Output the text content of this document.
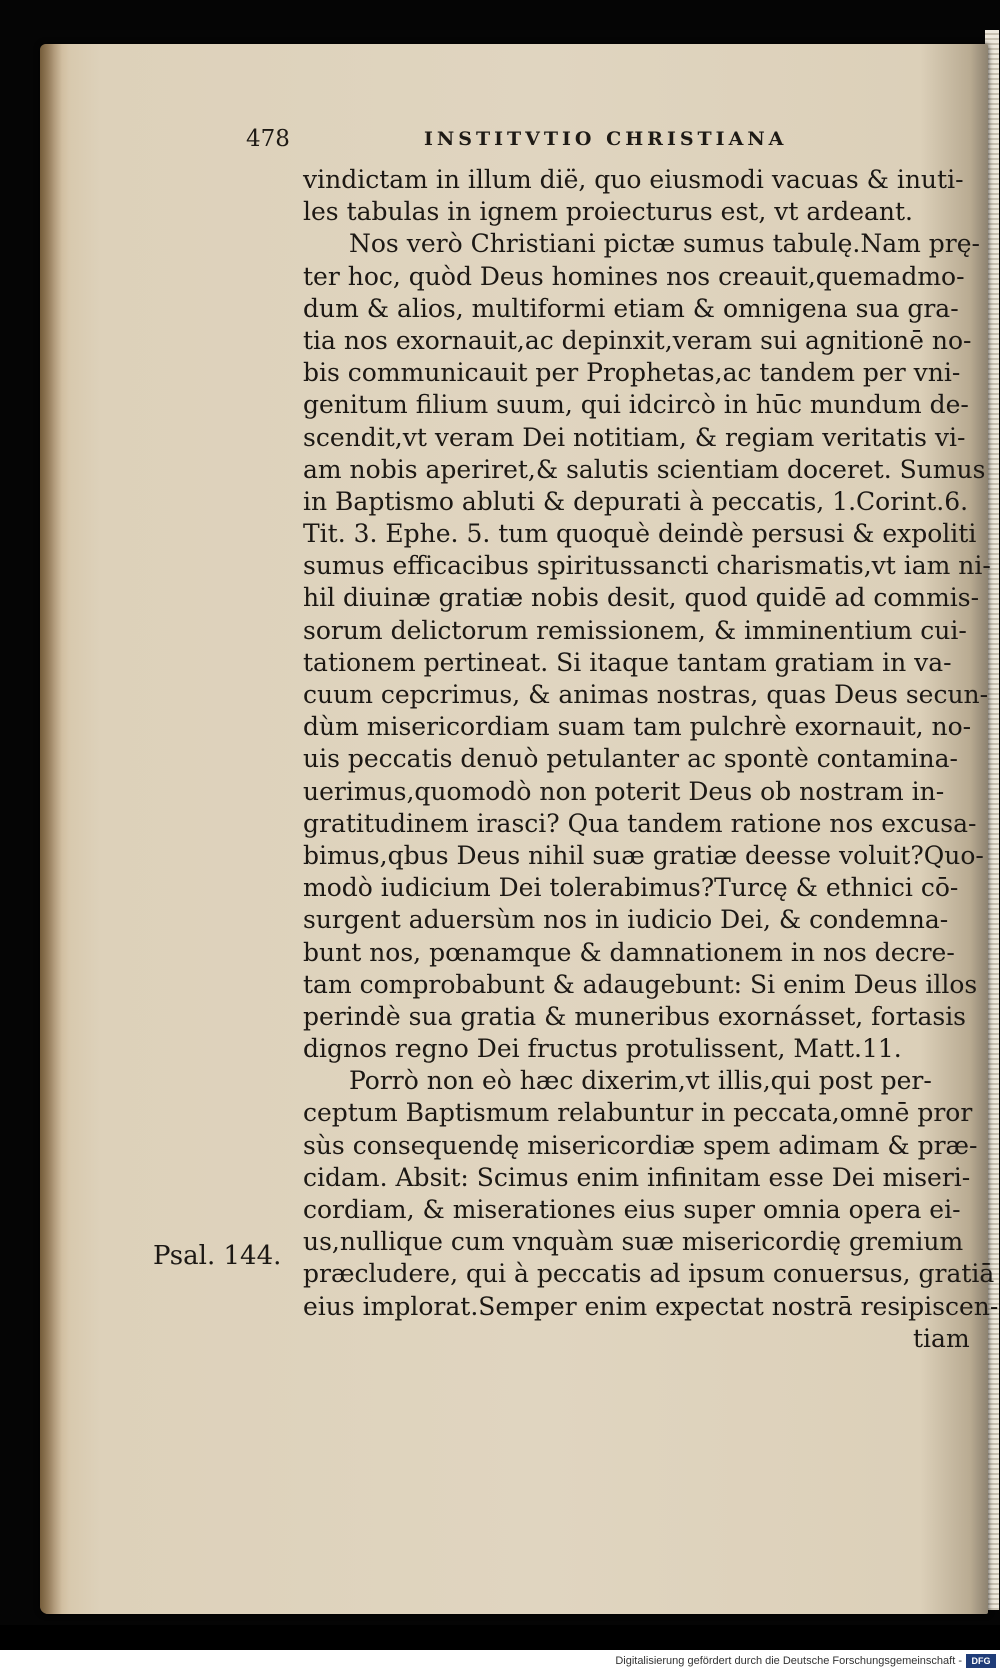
478	INSTITVTIO CHRISTIANA
Psal. 144.
vindictam in illum dië, quo eiusmodi vacuas & inuti-
les tabulas in ignem proiecturus est, vt ardeant.
Nos verò Christiani pictæ sumus tabulę.Nam prę-
ter hoc, quòd Deus homines nos creauit,quemadmo-
dum & alios, multiformi etiam & omnigena sua gra-
tia nos exornauit,ac depinxit,veram sui agnitionē no-
bis communicauit per Prophetas,ac tandem per vni-
genitum filium suum, qui idcircò in hūc mundum de-
scendit,vt veram Dei notitiam, & regiam veritatis vi-
am nobis aperiret,& salutis scientiam doceret. Sumus
in Baptismo abluti & depurati à peccatis, 1.Corint.6.
Tit. 3. Ephe. 5. tum quoquè deindè persusi & expoliti
sumus efficacibus spiritussancti charismatis,vt iam ni-
hil diuinæ gratiæ nobis desit, quod quidē ad commis-
sorum delictorum remissionem, & imminentium cui-
tationem pertineat. Si itaque tantam gratiam in va-
cuum cepcrimus, & animas nostras, quas Deus secun-
dùm misericordiam suam tam pulchrè exornauit, no-
uis peccatis denuò petulanter ac spontè contamina-
uerimus,quomodò non poterit Deus ob nostram in-
gratitudinem irasci? Qua tandem ratione nos excusa-
bimus,qbus Deus nihil suæ gratiæ deesse voluit?Quo-
modò iudicium Dei tolerabimus?Turcę & ethnici cō-
surgent aduersùm nos in iudicio Dei, & condemna-
bunt nos, pœnamque & damnationem in nos decre-
tam comprobabunt & adaugebunt: Si enim Deus illos
perindè sua gratia & muneribus exornásset, fortasis
dignos regno Dei fructus protulissent, Matt.11.
Porrò non eò hæc dixerim,vt illis,qui post per-
ceptum Baptismum relabuntur in peccata,omnē pror
sùs consequendę misericordiæ spem adimam & præ-
cidam. Absit: Scimus enim infinitam esse Dei miseri-
cordiam, & miserationes eius super omnia opera ei-
us,nullique cum vnquàm suæ misericordię gremium
præcludere, qui à peccatis ad ipsum conuersus, gratiā
eius implorat.Semper enim expectat nostrā resipiscen-
tiam
Digitalisierung gefördert durch die Deutsche Forschungsgemeinschaft -	DFG
